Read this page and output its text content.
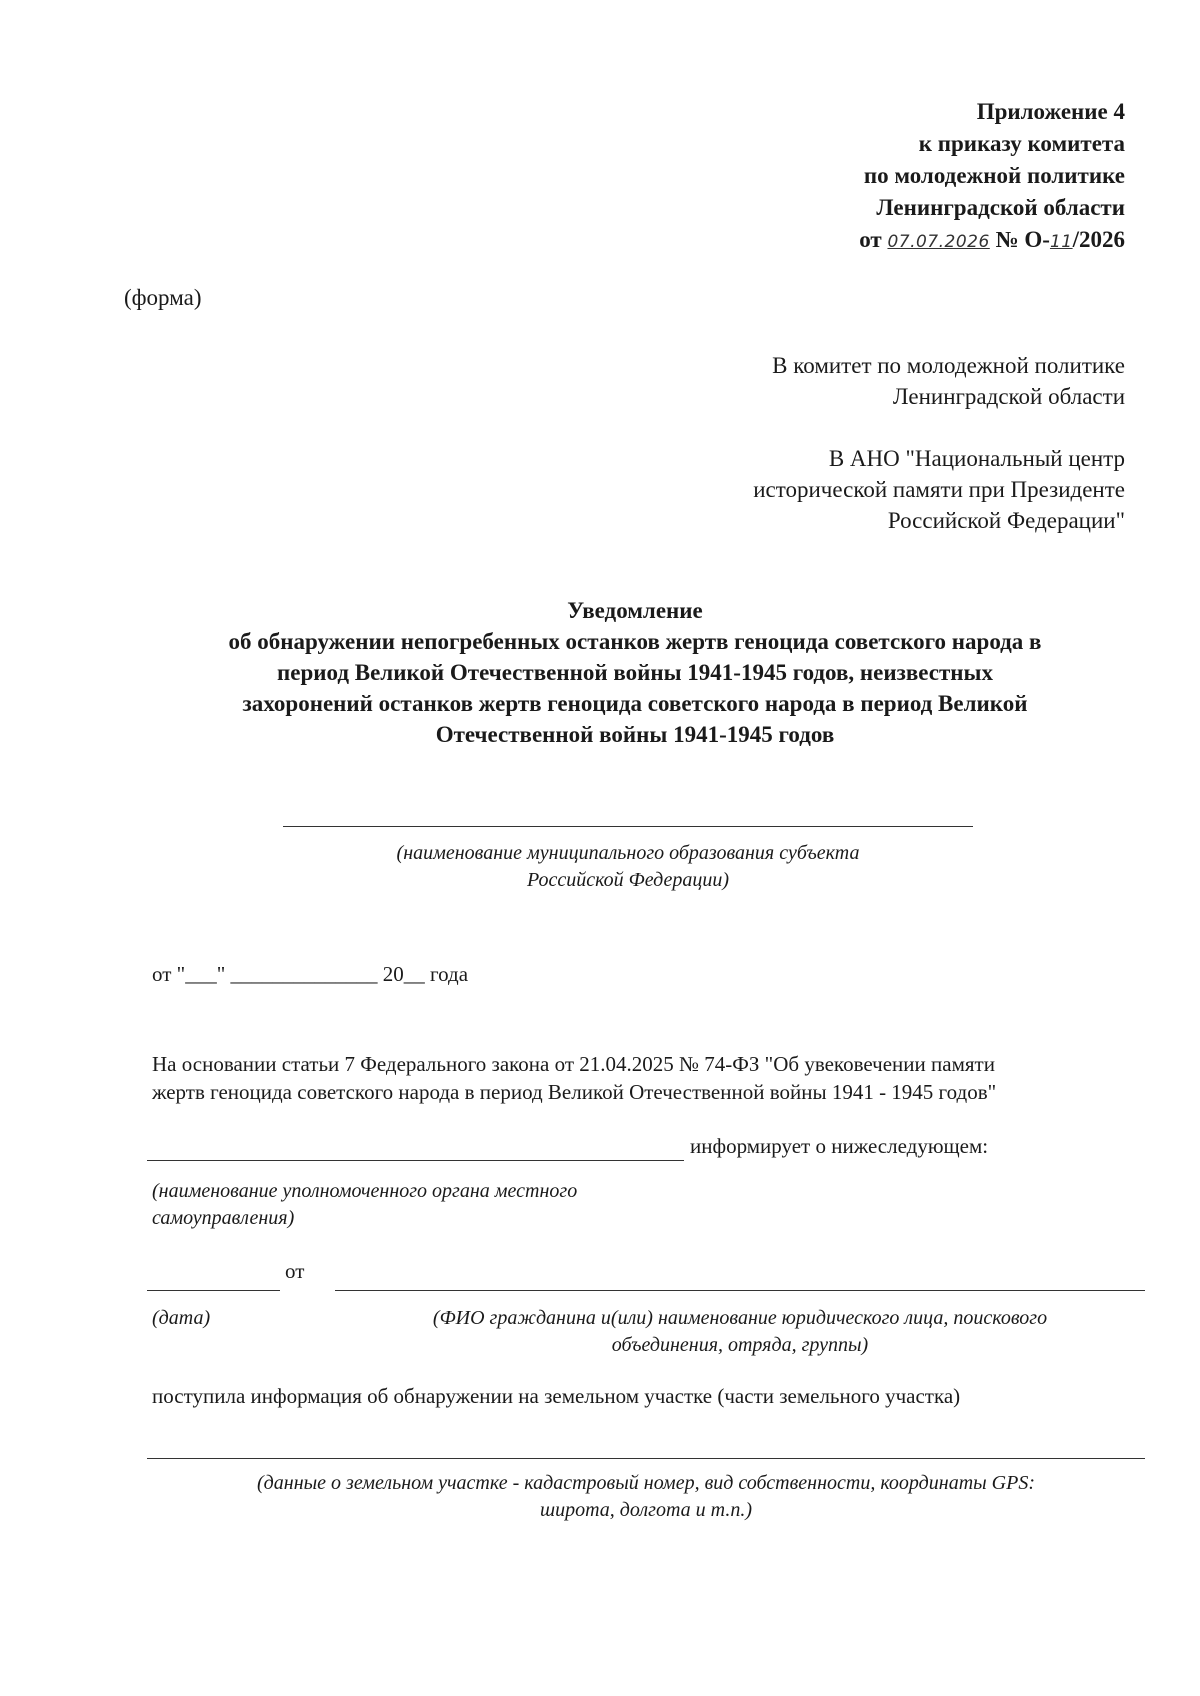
Приложение 4
к приказу комитета
по молодежной политике
Ленинградской области
от 07.07.2026 № О-11/2026
(форма)
В комитет по молодежной политике
Ленинградской области
В АНО "Национальный центр
исторической памяти при Президенте
Российской Федерации"
Уведомление
об обнаружении непогребенных останков жертв геноцида советского народа в
период Великой Отечественной войны 1941-1945 годов, неизвестных
захоронений останков жертв геноцида советского народа в период Великой
Отечественной войны 1941-1945 годов
(наименование муниципального образования субъекта
Российской Федерации)
от "___" ______________ 20__ года
На основании статьи 7 Федерального закона от 21.04.2025 № 74-ФЗ "Об увековечении памяти
жертв геноцида советского народа в период Великой Отечественной войны 1941 - 1945 годов"
информирует о нижеследующем:
(наименование уполномоченного органа местного
самоуправления)
от
(дата)	(ФИО гражданина и(или) наименование юридического лица, поискового
объединения, отряда, группы)
поступила информация об обнаружении на земельном участке (части земельного участка)
(данные о земельном участке - кадастровый номер, вид собственности, координаты GPS:
широта, долгота и т.п.)
